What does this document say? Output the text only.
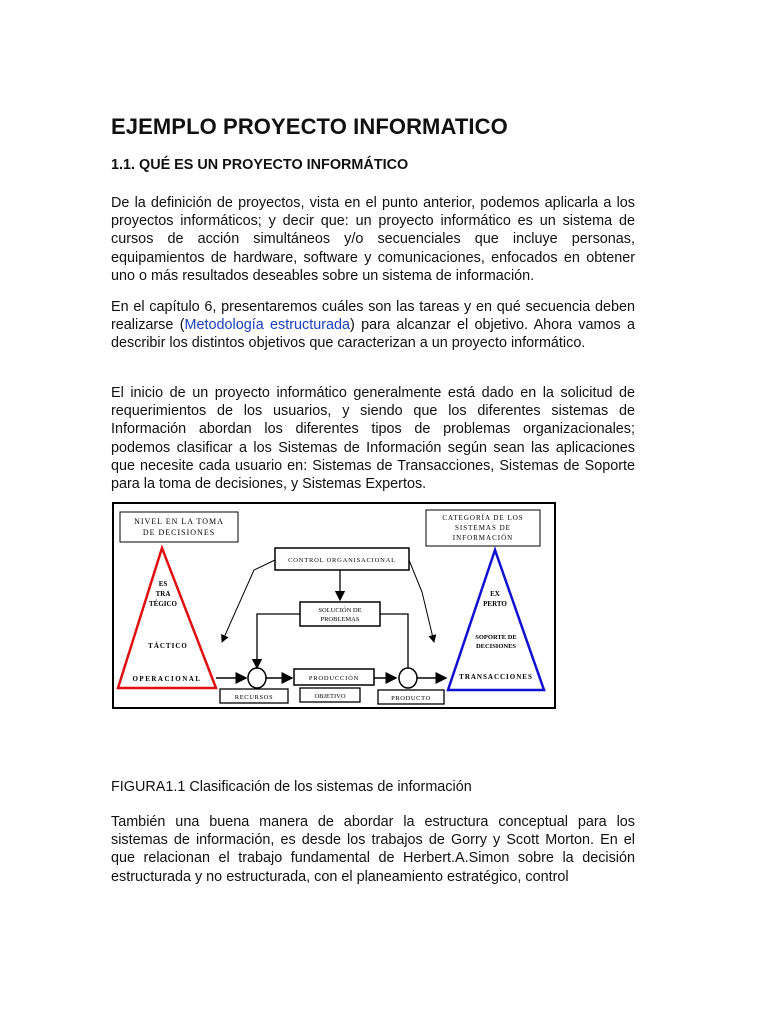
EJEMPLO PROYECTO INFORMATICO
1.1. QUÉ ES UN PROYECTO INFORMÁTICO

De la definición de proyectos, vista en el punto anterior, podemos aplicarla a los proyectos informáticos; y decir que: un proyecto informático es un sistema de cursos de acción simultáneos y/o secuenciales que incluye personas, equipamientos de hardware, software y comunicaciones, enfocados en obtener uno o más resultados deseables sobre un sistema de información.

En el capítulo 6, presentaremos cuáles son las tareas y en qué secuencia deben realizarse (Metodología estructurada) para alcanzar el objetivo. Ahora vamos a describir los distintos objetivos que caracterizan a un proyecto informático.

El inicio de un proyecto informático generalmente está dado en la solicitud de requerimientos de los usuarios, y siendo que los diferentes sistemas de Información abordan los diferentes tipos de problemas organizacionales; podemos clasificar a los Sistemas de Información según sean las aplicaciones que necesite cada usuario en: Sistemas de Transacciones, Sistemas de Soporte para la toma de decisiones, y Sistemas Expertos.

NIVEL EN LA TOMA
DE DECISIONES
CATEGORÍA DE LOS
SISTEMAS DE
INFORMACIÓN
ES
TRA
TÉGICO
TÁCTICO
OPERACIONAL
EX
PERTO
SOPORTE DE
DECISIONES
TRANSACCIONES
CONTROL ORGANISACIONAL
SOLUCIÓN DE
PROBLEMAS
PRODUCCIÓN
RECURSOS	OBJETIVO	PRODUCTO

FIGURA1.1 Clasificación de los sistemas de información

También una buena manera de abordar la estructura conceptual para los sistemas de información, es desde los trabajos de Gorry y Scott Morton. En el que relacionan el trabajo fundamental de Herbert.A.Simon sobre la decisión estructurada y no estructurada, con el planeamiento estratégico, control
